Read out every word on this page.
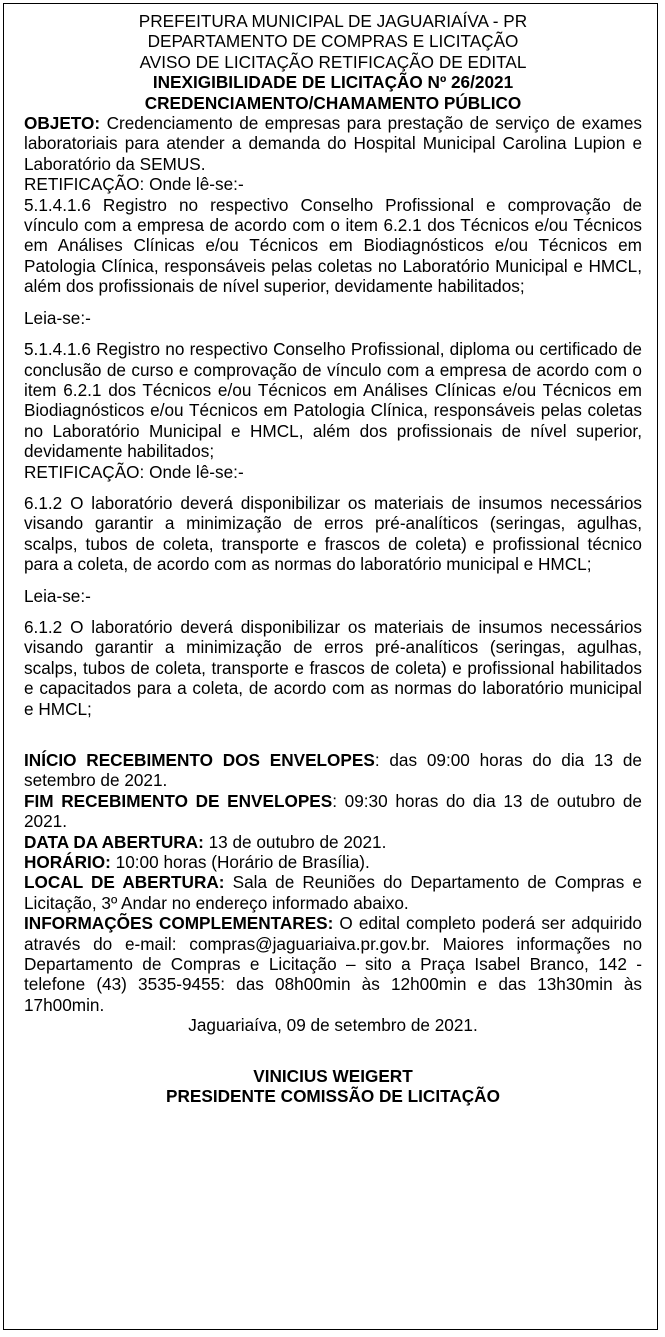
PREFEITURA MUNICIPAL DE JAGUARIAÍVA - PR

DEPARTAMENTO DE COMPRAS E LICITAÇÃO

AVISO DE LICITAÇÃO RETIFICAÇÃO DE EDITAL

INEXIGIBILIDADE DE LICITAÇÃO Nº 26/2021

CREDENCIAMENTO/CHAMAMENTO PÚBLICO

OBJETO: Credenciamento de empresas para prestação de serviço de exames laboratoriais para atender a demanda do Hospital Municipal Carolina Lupion e Laboratório da SEMUS.

RETIFICAÇÃO: Onde lê-se:-

5.1.4.1.6 Registro no respectivo Conselho Profissional e comprovação de vínculo com a empresa de acordo com o item 6.2.1 dos Técnicos e/ou Técnicos em Análises Clínicas e/ou Técnicos em Biodiagnósticos e/ou Técnicos em Patologia Clínica, responsáveis pelas coletas no Laboratório Municipal e HMCL, além dos profissionais de nível superior, devidamente habilitados;

Leia-se:-

5.1.4.1.6 Registro no respectivo Conselho Profissional, diploma ou certificado de conclusão de curso e comprovação de vínculo com a empresa de acordo com o item 6.2.1 dos Técnicos e/ou Técnicos em Análises Clínicas e/ou Técnicos em Biodiagnósticos e/ou Técnicos em Patologia Clínica, responsáveis pelas coletas no Laboratório Municipal e HMCL, além dos profissionais de nível superior, devidamente habilitados;

RETIFICAÇÃO: Onde lê-se:-

6.1.2 O laboratório deverá disponibilizar os materiais de insumos necessários visando garantir a minimização de erros pré-analíticos (seringas, agulhas, scalps, tubos de coleta, transporte e frascos de coleta) e profissional técnico para a coleta, de acordo com as normas do laboratório municipal e HMCL;

Leia-se:-

6.1.2 O laboratório deverá disponibilizar os materiais de insumos necessários visando garantir a minimização de erros pré-analíticos (seringas, agulhas, scalps, tubos de coleta, transporte e frascos de coleta) e profissional habilitados e capacitados para a coleta, de acordo com as normas do laboratório municipal e HMCL;

INÍCIO RECEBIMENTO DOS ENVELOPES: das 09:00 horas do dia 13 de setembro de 2021.

FIM RECEBIMENTO DE ENVELOPES: 09:30 horas do dia 13 de outubro de 2021.

DATA DA ABERTURA: 13 de outubro de 2021.

HORÁRIO: 10:00 horas (Horário de Brasília).

LOCAL DE ABERTURA: Sala de Reuniões do Departamento de Compras e Licitação, 3º Andar no endereço informado abaixo.

INFORMAÇÕES COMPLEMENTARES: O edital completo poderá ser adquirido através do e-mail: compras@jaguariaiva.pr.gov.br. Maiores informações no Departamento de Compras e Licitação – sito a Praça Isabel Branco, 142 - telefone (43) 3535-9455: das 08h00min às 12h00min e das 13h30min às 17h00min.

Jaguariaíva, 09 de setembro de 2021.

VINICIUS WEIGERT

PRESIDENTE COMISSÃO DE LICITAÇÃO
